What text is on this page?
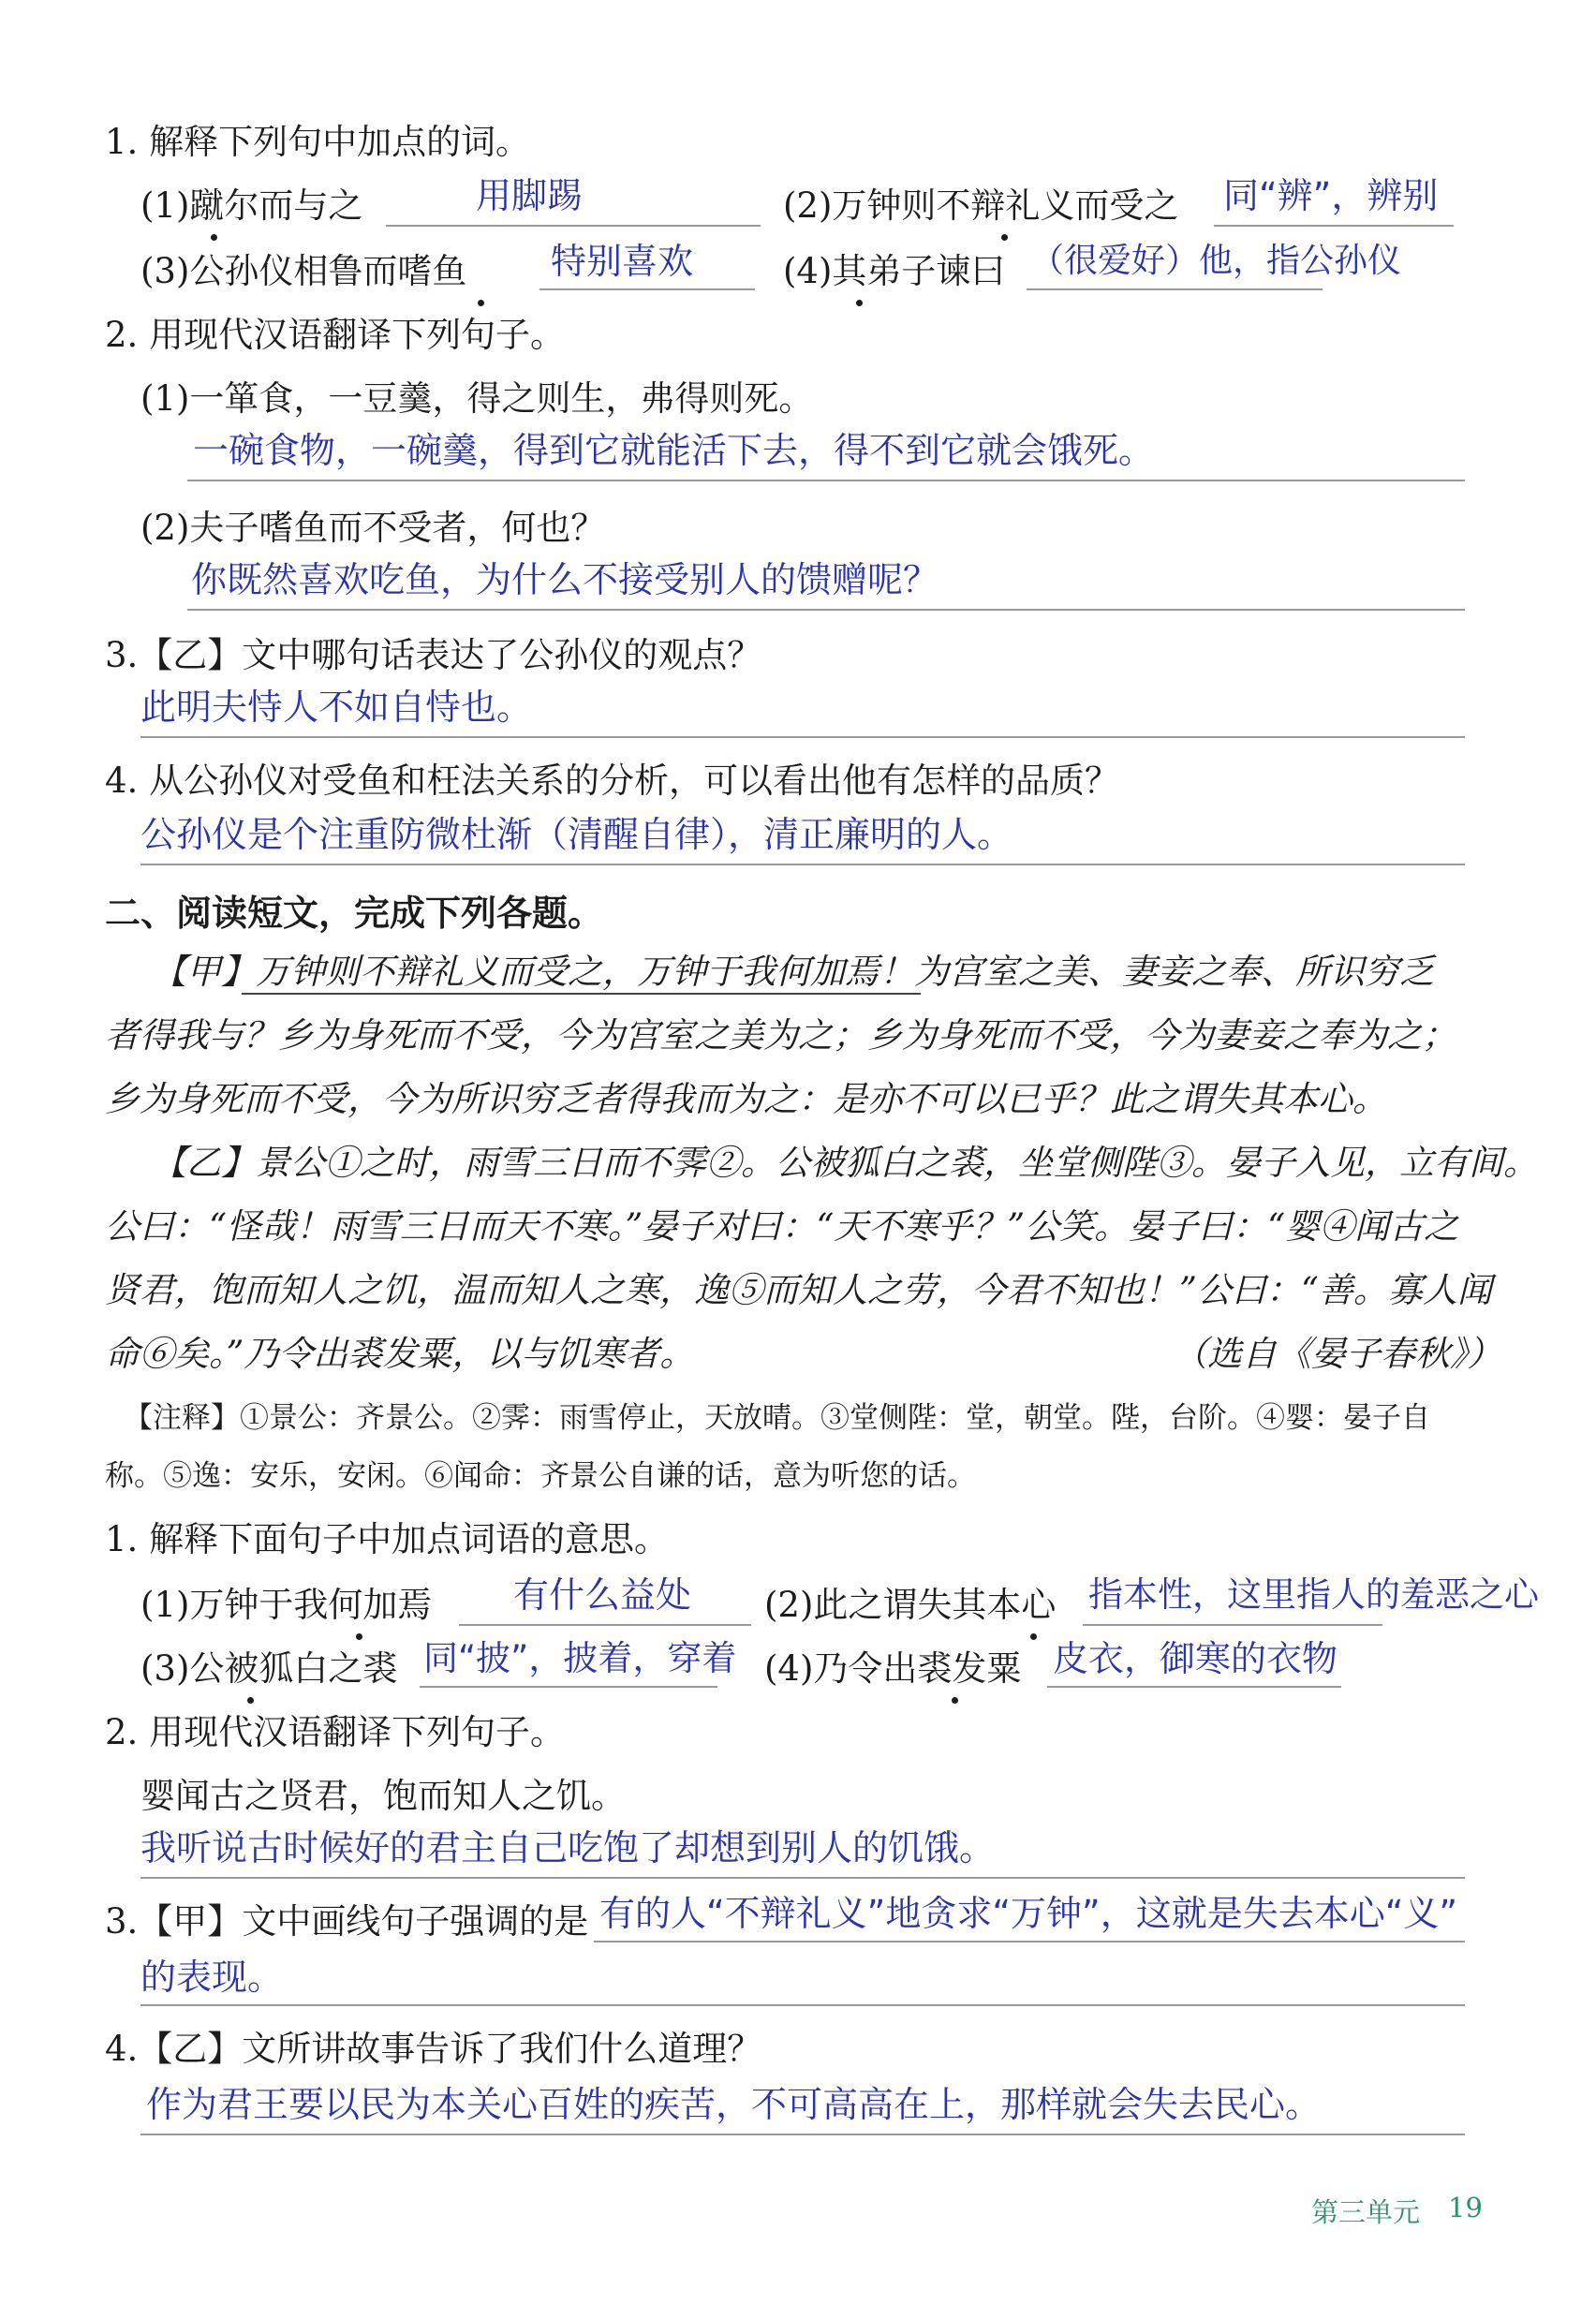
1. 解释下列句中加点的词。
(1)蹴尔而与之	用脚踢	(2)万钟则不辩礼义而受之 同“辨”，辨别
(3)公孙仪相鲁而嗜鱼 特别喜欢	(4)其弟子谏曰 （很爱好）他，指公孙仪
2. 用现代汉语翻译下列句子。
(1)一箪食，一豆羹，得之则生，弗得则死。
一碗食物，一碗羹，得到它就能活下去，得不到它就会饿死。
(2)夫子嗜鱼而不受者，何也？
你既然喜欢吃鱼，为什么不接受别人的馈赠呢？
3.【乙】文中哪句话表达了公孙仪的观点？
此明夫恃人不如自恃也。
4. 从公孙仪对受鱼和枉法关系的分析，可以看出他有怎样的品质？
公孙仪是个注重防微杜渐（清醒自律），清正廉明的人。
二、阅读短文，完成下列各题。
【甲】万钟则不辩礼义而受之，万钟于我何加焉！为宫室之美、妻妾之奉、所识穷乏
者得我与？乡为身死而不受，今为宫室之美为之；乡为身死而不受，今为妻妾之奉为之；
乡为身死而不受，今为所识穷乏者得我而为之：是亦不可以已乎？此之谓失其本心。
【乙】景公①之时，雨雪三日而不霁②。公被狐白之裘，坐堂侧陛③。晏子入见，立有间。
公曰：“怪哉！雨雪三日而天不寒。”晏子对曰：“天不寒乎？”公笑。晏子曰：“婴④闻古之
贤君，饱而知人之饥，温而知人之寒，逸⑤而知人之劳，今君不知也！”公曰：“善。寡人闻
命⑥矣。”乃令出裘发粟，以与饥寒者。	（选自《晏子春秋》）
【注释】①景公：齐景公。②霁：雨雪停止，天放晴。③堂侧陛：堂，朝堂。陛，台阶。④婴：晏子自
称。⑤逸：安乐，安闲。⑥闻命：齐景公自谦的话，意为听您的话。
1. 解释下面句子中加点词语的意思。
(1)万钟于我何加焉 有什么益处 (2)此之谓失其本心 指本性，这里指人的羞恶之心
(3)公被狐白之裘 同“披”，披着，穿着 (4)乃令出裘发粟 皮衣，御寒的衣物
2. 用现代汉语翻译下列句子。
婴闻古之贤君，饱而知人之饥。
我听说古时候好的君主自己吃饱了却想到别人的饥饿。
3.【甲】文中画线句子强调的是 有的人“不辩礼义”地贪求“万钟”，这就是失去本心“义”
的表现。
4.【乙】文所讲故事告诉了我们什么道理？
作为君王要以民为本关心百姓的疾苦，不可高高在上，那样就会失去民心。
第三单元 19
